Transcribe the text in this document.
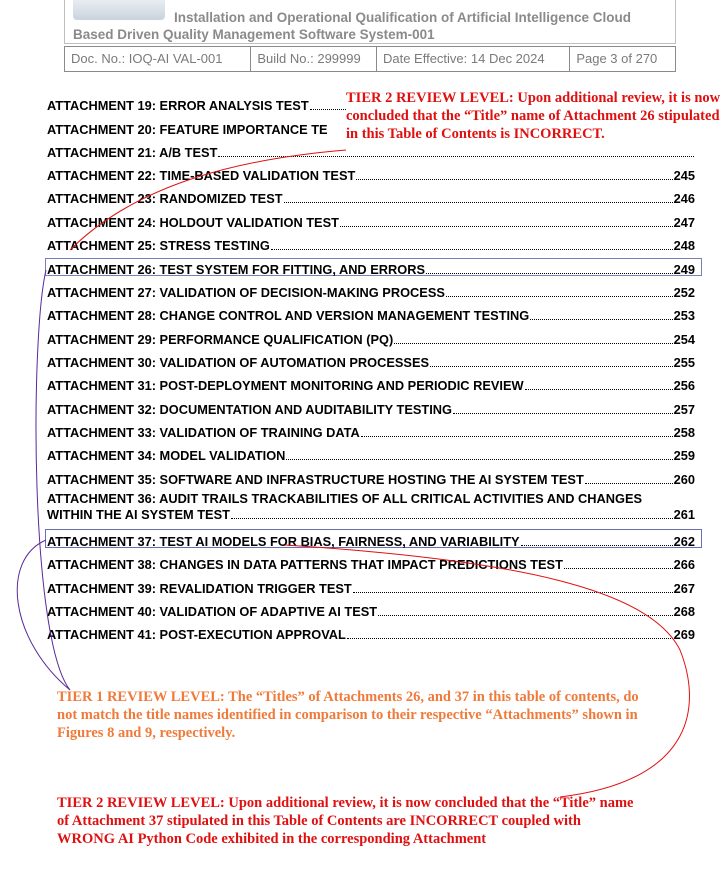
Installation and Operational Qualification of Artificial Intelligence Cloud Based Driven Quality Management Software System-001
Doc. No.: IOQ-AI VAL-001	Build No.: 299999	Date Effective: 14 Dec 2024	Page 3 of 270
ATTACHMENT 19: ERROR ANALYSIS TEST
ATTACHMENT 20: FEATURE IMPORTANCE TE
ATTACHMENT 21: A/B TEST
ATTACHMENT 22: TIME-BASED VALIDATION TEST	245
ATTACHMENT 23: RANDOMIZED TEST	246
ATTACHMENT 24: HOLDOUT VALIDATION TEST	247
ATTACHMENT 25: STRESS TESTING	248
ATTACHMENT 26: TEST SYSTEM FOR FITTING, AND ERRORS	249
ATTACHMENT 27: VALIDATION OF DECISION-MAKING PROCESS	252
ATTACHMENT 28: CHANGE CONTROL AND VERSION MANAGEMENT TESTING	253
ATTACHMENT 29: PERFORMANCE QUALIFICATION (PQ)	254
ATTACHMENT 30: VALIDATION OF AUTOMATION PROCESSES	255
ATTACHMENT 31: POST-DEPLOYMENT MONITORING AND PERIODIC REVIEW	256
ATTACHMENT 32: DOCUMENTATION AND AUDITABILITY TESTING	257
ATTACHMENT 33: VALIDATION OF TRAINING DATA	258
ATTACHMENT 34: MODEL VALIDATION	259
ATTACHMENT 35: SOFTWARE AND INFRASTRUCTURE HOSTING THE AI SYSTEM TEST	260
ATTACHMENT 36: AUDIT TRAILS TRACKABILITIES OF ALL CRITICAL ACTIVITIES AND CHANGES
WITHIN THE AI SYSTEM TEST	261
ATTACHMENT 37: TEST AI MODELS FOR BIAS, FAIRNESS, AND VARIABILITY	262
ATTACHMENT 38: CHANGES IN DATA PATTERNS THAT IMPACT PREDICTIONS TEST	266
ATTACHMENT 39: REVALIDATION TRIGGER TEST	267
ATTACHMENT 40: VALIDATION OF ADAPTIVE AI TEST	268
ATTACHMENT 41: POST-EXECUTION APPROVAL	269
TIER 2 REVIEW LEVEL: Upon additional review, it is now concluded that the “Title” name of Attachment 26 stipulated in this Table of Contents is INCORRECT.
TIER 1 REVIEW LEVEL: The “Titles” of Attachments 26, and 37 in this table of contents, do not match the title names identified in comparison to their respective “Attachments” shown in Figures 8 and 9, respectively.
TIER 2 REVIEW LEVEL: Upon additional review, it is now concluded that the “Title” name of Attachment 37 stipulated in this Table of Contents are INCORRECT coupled with WRONG AI Python Code exhibited in the corresponding Attachment
